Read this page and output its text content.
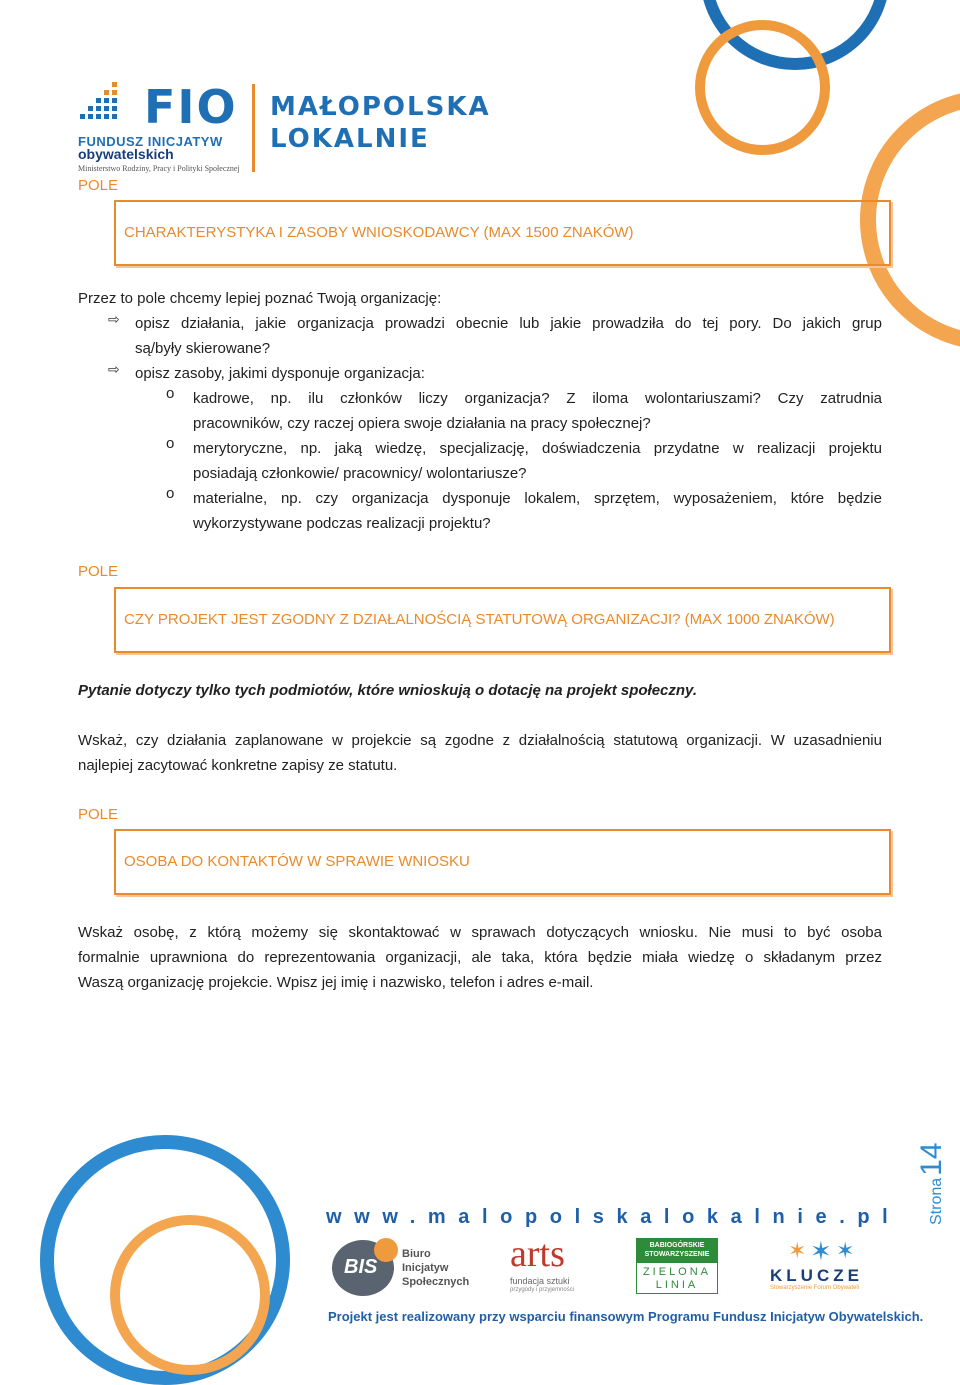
FIO
FUNDUSZ INICJATYW
obywatelskich
Ministerstwo Rodziny, Pracy i Polityki Społecznej
MAŁOPOLSKA
LOKALNIE
POLE
CHARAKTERYSTYKA I ZASOBY WNIOSKODAWCY (MAX 1500 ZNAKÓW)
Przez to pole chcemy lepiej poznać Twoją organizację:
⇨ opisz działania, jakie organizacja prowadzi obecnie lub jakie prowadziła do tej pory. Do jakich grup
są/były skierowane?
⇨ opisz zasoby, jakimi dysponuje organizacja:
o kadrowe, np. ilu członków liczy organizacja? Z iloma wolontariuszami? Czy zatrudnia
pracowników, czy raczej opiera swoje działania na pracy społecznej?
o merytoryczne, np. jaką wiedzę, specjalizację, doświadczenia przydatne w realizacji projektu
posiadają członkowie/ pracownicy/ wolontariusze?
o materialne, np. czy organizacja dysponuje lokalem, sprzętem, wyposażeniem, które będzie
wykorzystywane podczas realizacji projektu?
POLE
CZY PROJEKT JEST ZGODNY Z DZIAŁALNOŚCIĄ STATUTOWĄ ORGANIZACJI? (MAX 1000 ZNAKÓW)
Pytanie dotyczy tylko tych podmiotów, które wnioskują o dotację na projekt społeczny.
Wskaż, czy działania zaplanowane w projekcie są zgodne z działalnością statutową organizacji. W uzasadnieniu
najlepiej zacytować konkretne zapisy ze statutu.
POLE
OSOBA DO KONTAKTÓW W SPRAWIE WNIOSKU
Wskaż osobę, z którą możemy się skontaktować w sprawach dotyczących wniosku. Nie musi to być osoba
formalnie uprawniona do reprezentowania organizacji, ale taka, która będzie miała wiedzę o składanym przez
Waszą organizację projekcie. Wpisz jej imię i nazwisko, telefon i adres e-mail.
Strona14
www.malopolskalokalnie.pl
BIS
Biuro
Inicjatyw
Społecznych
arts
fundacja sztuki
przygody i przyjemności
BABIOGÓRSKIE
STOWARZYSZENIE
ZIELONA
LINIA
✶ ✶ ✶
KLUCZE
Stowarzyszenie Forum Obywateli
Projekt jest realizowany przy wsparciu finansowym Programu Fundusz Inicjatyw Obywatelskich.
